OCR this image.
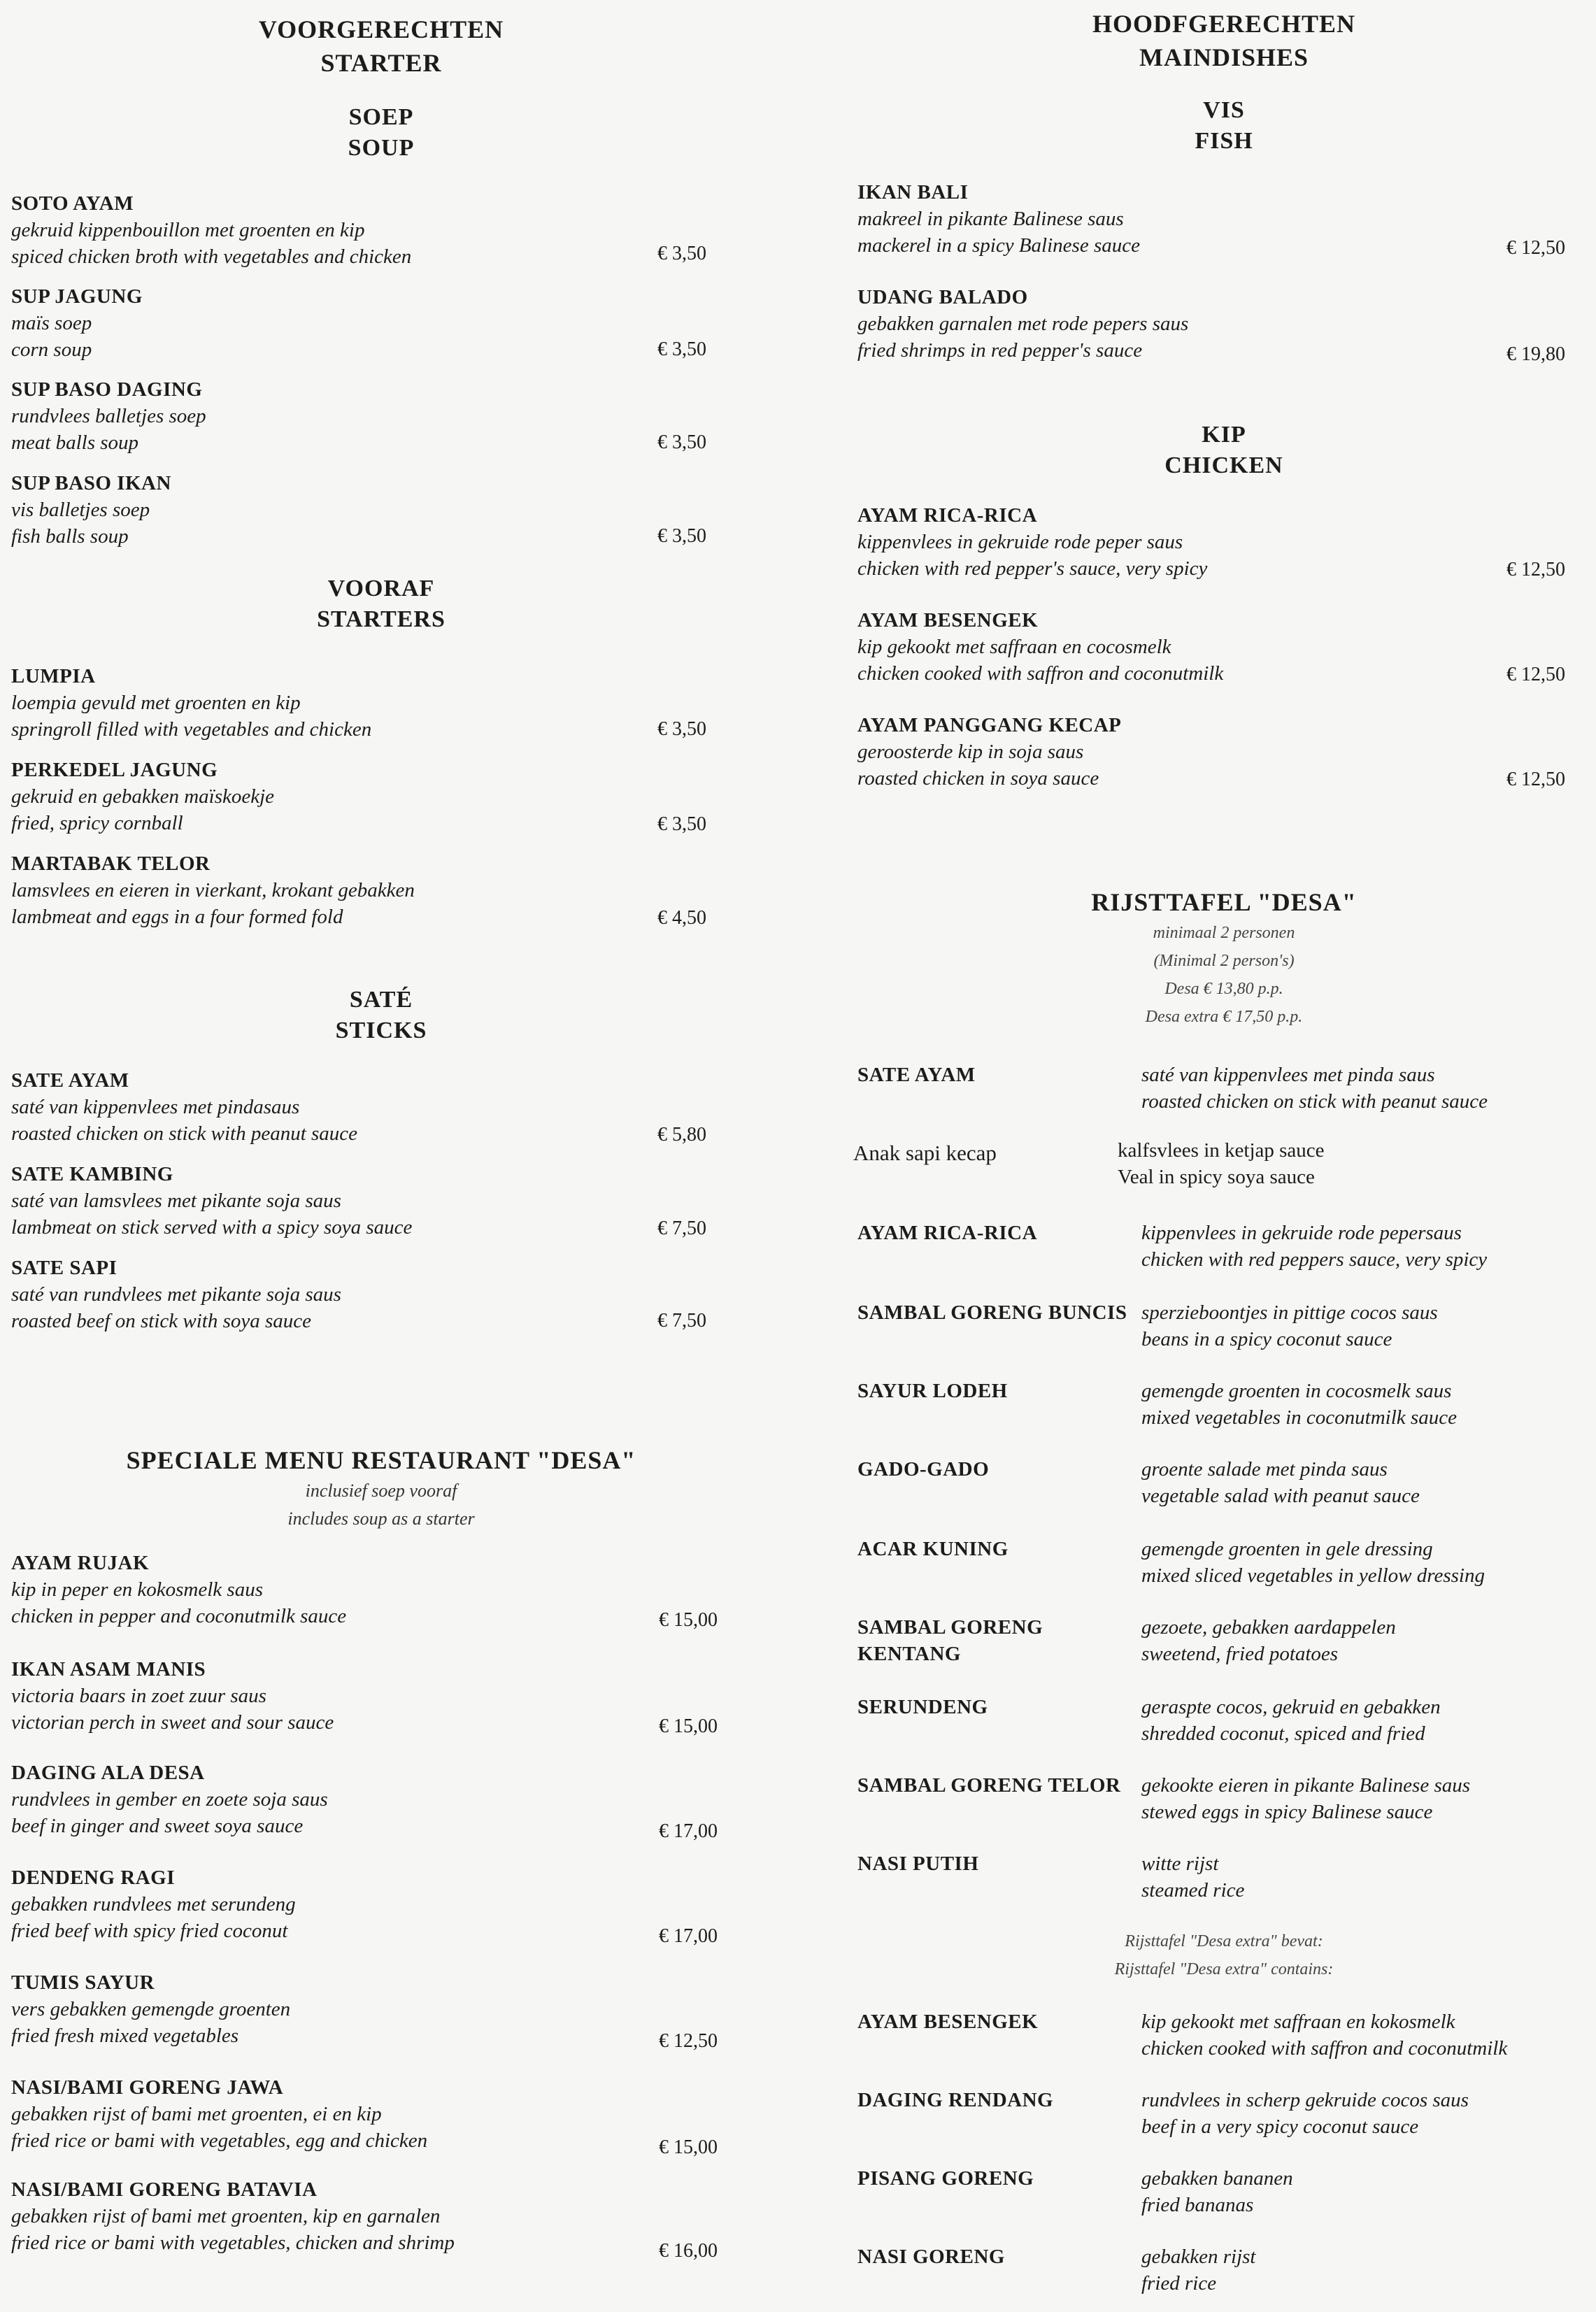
VOORGERECHTEN
STARTER
SOEP
SOUP
SOTO AYAM
gekruid kippenbouillon met groenten en kip
spiced chicken broth with vegetables and chicken	€ 3,50
SUP JAGUNG
maïs soep
corn soup	€ 3,50
SUP BASO DAGING
rundvlees balletjes soep
meat balls soup	€ 3,50
SUP BASO IKAN
vis balletjes soep
fish balls soup	€ 3,50
VOORAF
STARTERS
LUMPIA
loempia gevuld met groenten en kip
springroll filled with vegetables and chicken	€ 3,50
PERKEDEL JAGUNG
gekruid en gebakken maïskoekje
fried, spricy cornball	€ 3,50
MARTABAK TELOR
lamsvlees en eieren in vierkant, krokant gebakken
lambmeat and eggs in a four formed fold	€ 4,50
SATÉ
STICKS
SATE AYAM
saté van kippenvlees met pindasaus
roasted chicken on stick with peanut sauce	€ 5,80
SATE KAMBING
saté van lamsvlees met pikante soja saus
lambmeat on stick served with a spicy soya sauce	€ 7,50
SATE SAPI
saté van rundvlees met pikante soja saus
roasted beef on stick with soya sauce	€ 7,50
SPECIALE MENU RESTAURANT "DESA"
inclusief soep vooraf
includes soup as a starter
AYAM RUJAK
kip in peper en kokosmelk saus
chicken in pepper and coconutmilk sauce	€ 15,00
IKAN ASAM MANIS
victoria baars in zoet zuur saus
victorian perch in sweet and sour sauce	€ 15,00
DAGING ALA DESA
rundvlees in gember en zoete soja saus
beef in ginger and sweet soya sauce	€ 17,00
DENDENG RAGI
gebakken rundvlees met serundeng
fried beef with spicy fried coconut	€ 17,00
TUMIS SAYUR
vers gebakken gemengde groenten
fried fresh mixed vegetables	€ 12,50
NASI/BAMI GORENG JAWA
gebakken rijst of bami met groenten, ei en kip
fried rice or bami with vegetables, egg and chicken	€ 15,00
NASI/BAMI GORENG BATAVIA
gebakken rijst of bami met groenten, kip en garnalen
fried rice or bami with vegetables, chicken and shrimp	€ 16,00
HOODFGERECHTEN
MAINDISHES
VIS
FISH
IKAN BALI
makreel in pikante Balinese saus
mackerel in a spicy Balinese sauce	€ 12,50
UDANG BALADO
gebakken garnalen met rode pepers saus
fried shrimps in red pepper's sauce	€ 19,80
KIP
CHICKEN
AYAM RICA-RICA
kippenvlees in gekruide rode peper saus
chicken with red pepper's sauce, very spicy	€ 12,50
AYAM BESENGEK
kip gekookt met saffraan en cocosmelk
chicken cooked with saffron and coconutmilk	€ 12,50
AYAM PANGGANG KECAP
geroosterde kip in soja saus
roasted chicken in soya sauce	€ 12,50
RIJSTTAFEL "DESA"
minimaal 2 personen
(Minimal 2 person's)
Desa € 13,80 p.p.
Desa extra € 17,50 p.p.
SATE AYAM	saté van kippenvlees met pinda saus
roasted chicken on stick with peanut sauce
Anak sapi kecap	kalfsvlees in ketjap sauce
Veal in spicy soya sauce
AYAM RICA-RICA	kippenvlees in gekruide rode pepersaus
chicken with red peppers sauce, very spicy
SAMBAL GORENG BUNCIS sperzieboontjes in pittige cocos saus
beans in a spicy coconut sauce
SAYUR LODEH	gemengde groenten in cocosmelk saus
mixed vegetables in coconutmilk sauce
GADO-GADO	groente salade met pinda saus
vegetable salad with peanut sauce
ACAR KUNING	gemengde groenten in gele dressing
mixed sliced vegetables in yellow dressing
SAMBAL GORENG
KENTANG
gezoete, gebakken aardappelen
sweetend, fried potatoes
SERUNDENG	geraspte cocos, gekruid en gebakken
shredded coconut, spiced and fried
SAMBAL GORENG TELOR gekookte eieren in pikante Balinese saus
stewed eggs in spicy Balinese sauce
NASI PUTIH	witte rijst
steamed rice
Rijsttafel "Desa extra" bevat:
Rijsttafel "Desa extra" contains:
AYAM BESENGEK	kip gekookt met saffraan en kokosmelk
chicken cooked with saffron and coconutmilk
DAGING RENDANG	rundvlees in scherp gekruide cocos saus
beef in a very spicy coconut sauce
PISANG GORENG	gebakken bananen
fried bananas
NASI GORENG	gebakken rijst
fried rice
